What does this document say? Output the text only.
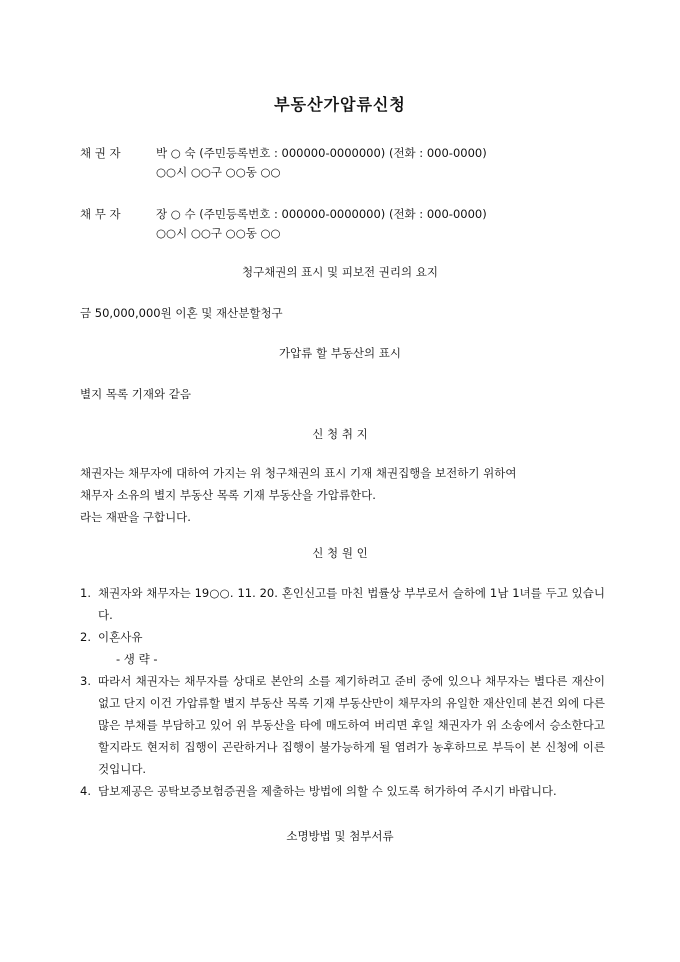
부동산가압류신청
채 권 자	박 ○ 숙 (주민등록번호 : 000000-0000000) (전화 : 000-0000)
○○시 ○○구 ○○동 ○○
채 무 자	장 ○ 수 (주민등록번호 : 000000-0000000) (전화 : 000-0000)
○○시 ○○구 ○○동 ○○
청구채권의 표시 및 피보전 권리의 요지
금 50,000,000원 이혼 및 재산분할청구
가압류 할 부동산의 표시
별지 목록 기재와 같음
신 청 취 지

채권자는 채무자에 대하여 가지는 위 청구채권의 표시 기재 채권집행을 보전하기 위하여

채무자 소유의 별지 부동산 목록 기재 부동산을 가압류한다.

라는 재판을 구합니다.

신 청 원 인
1. 채권자와 채무자는 19○○. 11. 20. 혼인신고를 마친 법률상 부부로서 슬하에 1남 1녀를 두고 있습니다.
2. 이혼사유
- 생 략 -
3. 따라서 채권자는 채무자를 상대로 본안의 소를 제기하려고 준비 중에 있으나 채무자는 별다른 재산이 없고 단지 이건 가압류할 별지 부동산 목록 기재 부동산만이 채무자의 유일한 재산인데 본건 외에 다른 많은 부채를 부담하고 있어 위 부동산을 타에 매도하여 버리면 후일 채권자가 위 소송에서 승소한다고 할지라도 현저히 집행이 곤란하거나 집행이 불가능하게 될 염려가 농후하므로 부득이 본 신청에 이른 것입니다.
4. 담보제공은 공탁보증보험증권을 제출하는 방법에 의할 수 있도록 허가하여 주시기 바랍니다.
소명방법 및 첨부서류
